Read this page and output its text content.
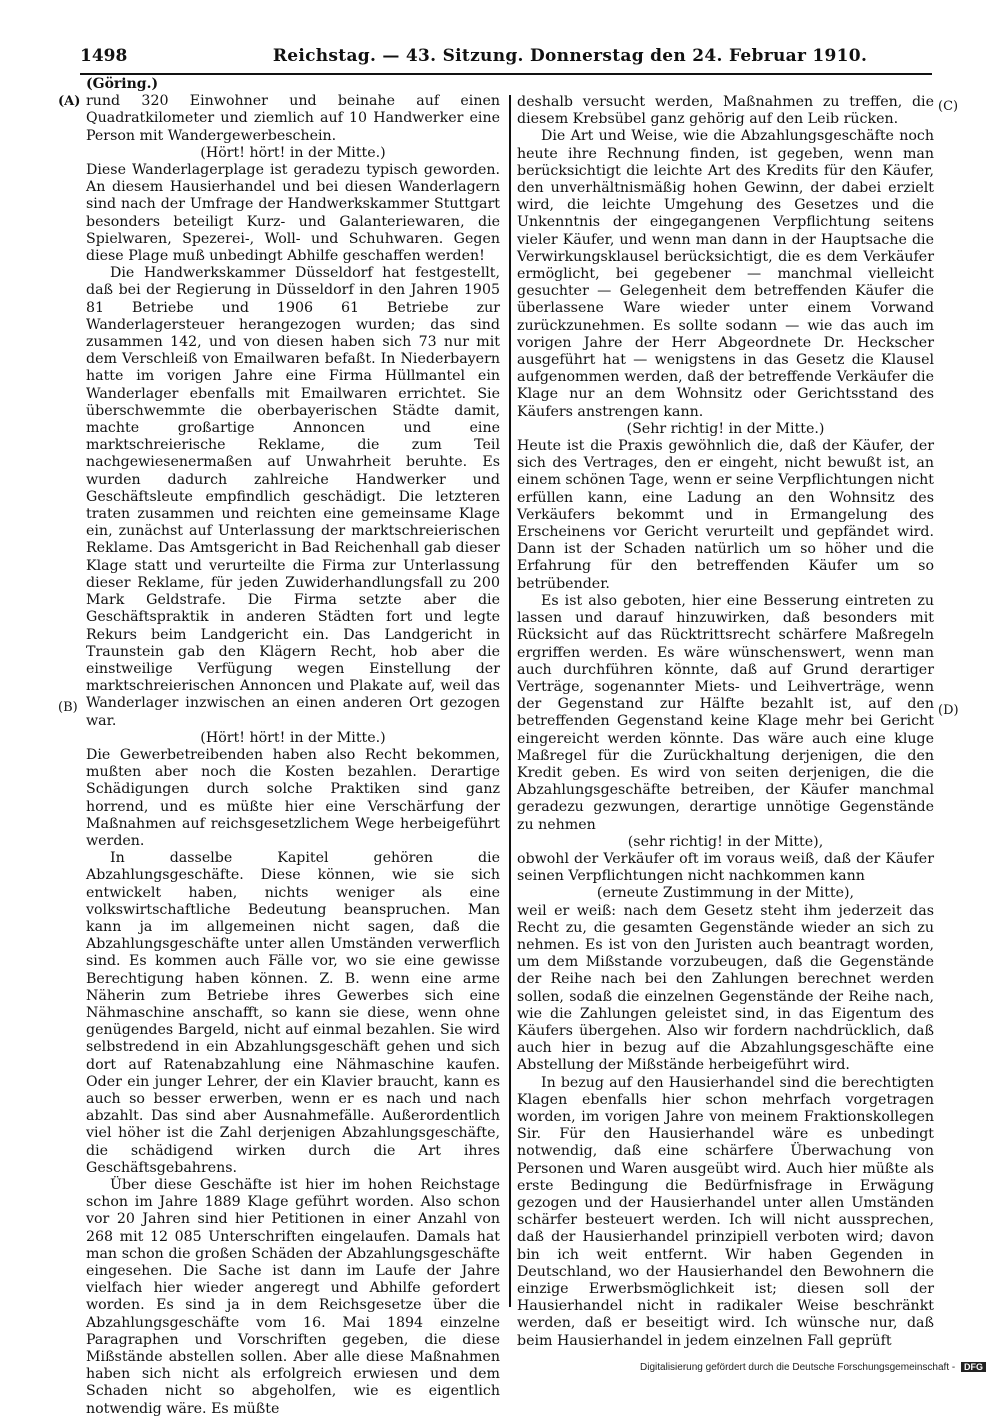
1498	Reichstag. — 43. Sitzung. Donnerstag den 24. Februar 1910.
(A)
(B)
(C)
(D)

(Göring.)

rund 320 Einwohner und beinahe auf einen Quadratkilometer und ziemlich auf 10 Handwerker eine Person mit Wandergewerbeschein.

(Hört! hört! in der Mitte.)

Diese Wanderlagerplage ist geradezu typisch geworden. An diesem Hausierhandel und bei diesen Wanderlagern sind nach der Umfrage der Handwerkskammer Stuttgart besonders beteiligt Kurz- und Galanteriewaren, die Spielwaren, Spezerei-, Woll- und Schuhwaren. Gegen diese Plage muß unbedingt Abhilfe geschaffen werden!

Die Handwerkskammer Düsseldorf hat festgestellt, daß bei der Regierung in Düsseldorf in den Jahren 1905 81 Betriebe und 1906 61 Betriebe zur Wanderlagersteuer herangezogen wurden; das sind zusammen 142, und von diesen haben sich 73 nur mit dem Verschleiß von Emailwaren befaßt. In Niederbayern hatte im vorigen Jahre eine Firma Hüllmantel ein Wanderlager ebenfalls mit Emailwaren errichtet. Sie überschwemmte die oberbayerischen Städte damit, machte großartige Annoncen und eine marktschreierische Reklame, die zum Teil nachgewiesenermaßen auf Unwahrheit beruhte. Es wurden dadurch zahlreiche Handwerker und Geschäftsleute empfindlich geschädigt. Die letzteren traten zusammen und reichten eine gemeinsame Klage ein, zunächst auf Unterlassung der marktschreierischen Reklame. Das Amtsgericht in Bad Reichenhall gab dieser Klage statt und verurteilte die Firma zur Unterlassung dieser Reklame, für jeden Zuwiderhandlungsfall zu 200 Mark Geldstrafe. Die Firma setzte aber die Geschäftspraktik in anderen Städten fort und legte Rekurs beim Landgericht ein. Das Landgericht in Traunstein gab den Klägern Recht, hob aber die einstweilige Verfügung wegen Einstellung der marktschreierischen Annoncen und Plakate auf, weil das Wanderlager inzwischen an einen anderen Ort gezogen war.

(Hört! hört! in der Mitte.)

Die Gewerbetreibenden haben also Recht bekommen, mußten aber noch die Kosten bezahlen. Derartige Schädigungen durch solche Praktiken sind ganz horrend, und es müßte hier eine Verschärfung der Maßnahmen auf reichsgesetzlichem Wege herbeigeführt werden.

In dasselbe Kapitel gehören die Abzahlungsgeschäfte. Diese können, wie sie sich entwickelt haben, nichts weniger als eine volkswirtschaftliche Bedeutung beanspruchen. Man kann ja im allgemeinen nicht sagen, daß die Abzahlungsgeschäfte unter allen Umständen verwerflich sind. Es kommen auch Fälle vor, wo sie eine gewisse Berechtigung haben können. Z. B. wenn eine arme Näherin zum Betriebe ihres Gewerbes sich eine Nähmaschine anschafft, so kann sie diese, wenn ohne genügendes Bargeld, nicht auf einmal bezahlen. Sie wird selbstredend in ein Abzahlungsgeschäft gehen und sich dort auf Ratenabzahlung eine Nähmaschine kaufen. Oder ein junger Lehrer, der ein Klavier braucht, kann es auch so besser erwerben, wenn er es nach und nach abzahlt. Das sind aber Ausnahmefälle. Außerordentlich viel höher ist die Zahl derjenigen Abzahlungsgeschäfte, die schädigend wirken durch die Art ihres Geschäftsgebahrens.

Über diese Geschäfte ist hier im hohen Reichstage schon im Jahre 1889 Klage geführt worden. Also schon vor 20 Jahren sind hier Petitionen in einer Anzahl von 268 mit 12 085 Unterschriften eingelaufen. Damals hat man schon die großen Schäden der Abzahlungsgeschäfte eingesehen. Die Sache ist dann im Laufe der Jahre vielfach hier wieder angeregt und Abhilfe gefordert worden. Es sind ja in dem Reichsgesetze über die Abzahlungsgeschäfte vom 16. Mai 1894 einzelne Paragraphen und Vorschriften gegeben, die diese Mißstände abstellen sollen. Aber alle diese Maßnahmen haben sich nicht als erfolgreich erwiesen und dem Schaden nicht so abgeholfen, wie es eigentlich notwendig wäre. Es müßte

deshalb versucht werden, Maßnahmen zu treffen, die diesem Krebsübel ganz gehörig auf den Leib rücken.

Die Art und Weise, wie die Abzahlungsgeschäfte noch heute ihre Rechnung finden, ist gegeben, wenn man berücksichtigt die leichte Art des Kredits für den Käufer, den unverhältnismäßig hohen Gewinn, der dabei erzielt wird, die leichte Umgehung des Gesetzes und die Unkenntnis der eingegangenen Verpflichtung seitens vieler Käufer, und wenn man dann in der Hauptsache die Verwirkungsklausel berücksichtigt, die es dem Verkäufer ermöglicht, bei gegebener — manchmal vielleicht gesuchter — Gelegenheit dem betreffenden Käufer die überlassene Ware wieder unter einem Vorwand zurückzunehmen. Es sollte sodann — wie das auch im vorigen Jahre der Herr Abgeordnete Dr. Heckscher ausgeführt hat — wenigstens in das Gesetz die Klausel aufgenommen werden, daß der betreffende Verkäufer die Klage nur an dem Wohnsitz oder Gerichtsstand des Käufers anstrengen kann.

(Sehr richtig! in der Mitte.)

Heute ist die Praxis gewöhnlich die, daß der Käufer, der sich des Vertrages, den er eingeht, nicht bewußt ist, an einem schönen Tage, wenn er seine Verpflichtungen nicht erfüllen kann, eine Ladung an den Wohnsitz des Verkäufers bekommt und in Ermangelung des Erscheinens vor Gericht verurteilt und gepfändet wird. Dann ist der Schaden natürlich um so höher und die Erfahrung für den betreffenden Käufer um so betrübender.

Es ist also geboten, hier eine Besserung eintreten zu lassen und darauf hinzuwirken, daß besonders mit Rücksicht auf das Rücktrittsrecht schärfere Maßregeln ergriffen werden. Es wäre wünschenswert, wenn man auch durchführen könnte, daß auf Grund derartiger Verträge, sogenannter Miets- und Leihverträge, wenn der Gegenstand zur Hälfte bezahlt ist, auf den betreffenden Gegenstand keine Klage mehr bei Gericht eingereicht werden könnte. Das wäre auch eine kluge Maßregel für die Zurückhaltung derjenigen, die den Kredit geben. Es wird von seiten derjenigen, die die Abzahlungsgeschäfte betreiben, der Käufer manchmal geradezu gezwungen, derartige unnötige Gegenstände zu nehmen

(sehr richtig! in der Mitte),

obwohl der Verkäufer oft im voraus weiß, daß der Käufer seinen Verpflichtungen nicht nachkommen kann

(erneute Zustimmung in der Mitte),

weil er weiß: nach dem Gesetz steht ihm jederzeit das Recht zu, die gesamten Gegenstände wieder an sich zu nehmen. Es ist von den Juristen auch beantragt worden, um dem Mißstande vorzubeugen, daß die Gegenstände der Reihe nach bei den Zahlungen berechnet werden sollen, sodaß die einzelnen Gegenstände der Reihe nach, wie die Zahlungen geleistet sind, in das Eigentum des Käufers übergehen. Also wir fordern nachdrücklich, daß auch hier in bezug auf die Abzahlungsgeschäfte eine Abstellung der Mißstände herbeigeführt wird.

In bezug auf den Hausierhandel sind die berechtigten Klagen ebenfalls hier schon mehrfach vorgetragen worden, im vorigen Jahre von meinem Fraktionskollegen Sir. Für den Hausierhandel wäre es unbedingt notwendig, daß eine schärfere Überwachung von Personen und Waren ausgeübt wird. Auch hier müßte als erste Bedingung die Bedürfnisfrage in Erwägung gezogen und der Hausierhandel unter allen Umständen schärfer besteuert werden. Ich will nicht aussprechen, daß der Hausierhandel prinzipiell verboten wird; davon bin ich weit entfernt. Wir haben Gegenden in Deutschland, wo der Hausierhandel den Bewohnern die einzige Erwerbsmöglichkeit ist; diesen soll der Hausierhandel nicht in radikaler Weise beschränkt werden, daß er beseitigt wird. Ich wünsche nur, daß beim Hausierhandel in jedem einzelnen Fall geprüft

Digitalisierung gefördert durch die Deutsche Forschungsgemeinschaft - DFG
